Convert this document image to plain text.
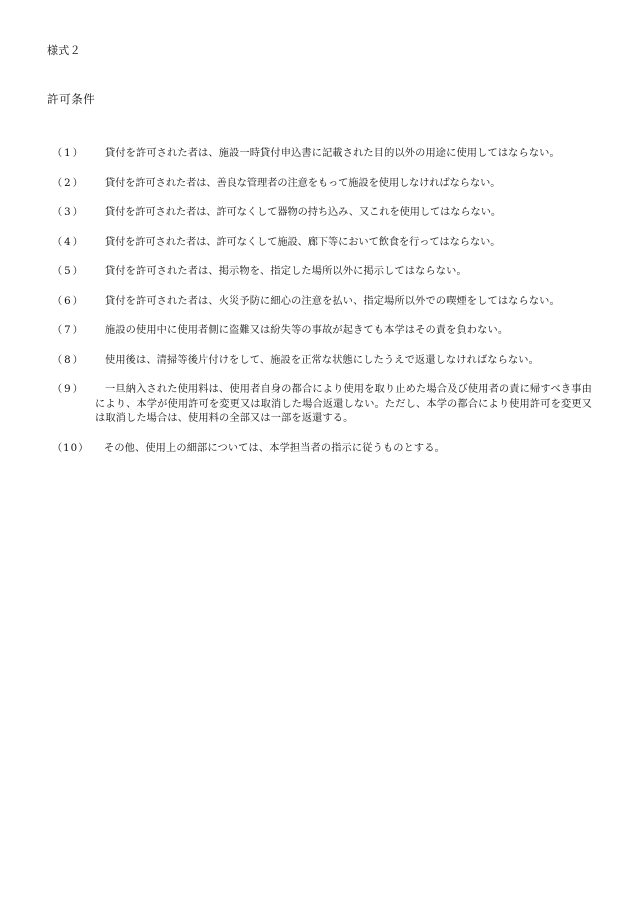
様式２
許可条件
（1）	貸付を許可された者は、施設一時貸付申込書に記載された目的以外の用途に使用してはならない。
（2）	貸付を許可された者は、善良な管理者の注意をもって施設を使用しなければならない。
（3）	貸付を許可された者は、許可なくして器物の持ち込み、又これを使用してはならない。
（4）	貸付を許可された者は、許可なくして施設、廊下等において飲食を行ってはならない。
（5）	貸付を許可された者は、掲示物を、指定した場所以外に掲示してはならない。
（6）	貸付を許可された者は、火災予防に細心の注意を払い、指定場所以外での喫煙をしてはならない。
（7）	施設の使用中に使用者側に盗難又は紛失等の事故が起きても本学はその責を負わない。
（8）	使用後は、清掃等後片付けをして、施設を正常な状態にしたうえで返還しなければならない。
（9）	一旦納入された使用料は、使用者自身の都合により使用を取り止めた場合及び使用者の責に帰すべき事由により、本学が使用許可を変更又は取消した場合返還しない。ただし、本学の都合により使用許可を変更又は取消した場合は、使用料の全部又は一部を返還する。
（10） その他、使用上の細部については、本学担当者の指示に従うものとする。
